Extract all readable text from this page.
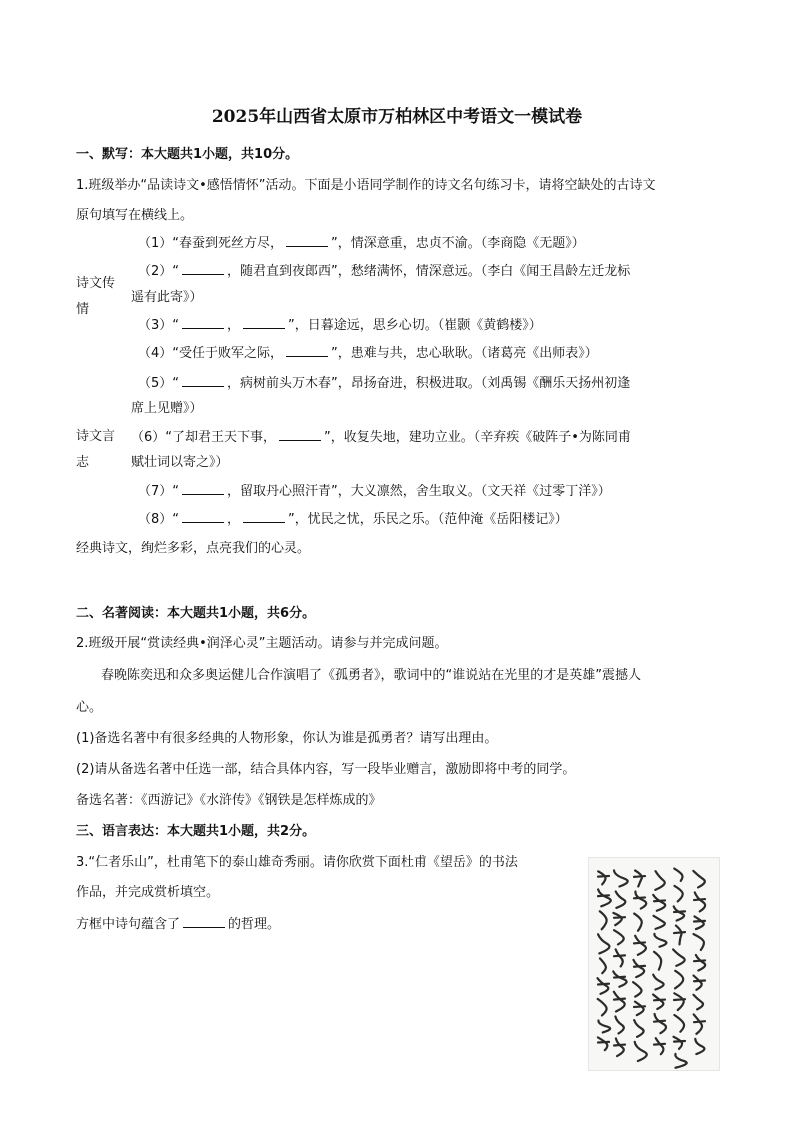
2025年山西省太原市万柏林区中考语文一模试卷
一、默写：本大题共1小题，共10分。
1.班级举办“品读诗文•感悟情怀”活动。下面是小语同学制作的诗文名句练习卡，请将空缺处的古诗文
原句填写在横线上。
诗文传
情
诗文言
志
（1）“春蚕到死丝方尽，	”，情深意重，忠贞不渝。（李商隐《无题》）
（2）“	，随君直到夜郎西”，愁绪满怀，情深意远。（李白《闻王昌龄左迁龙标
遥有此寄》）
（3）“	，	”，日暮途远，思乡心切。（崔颢《黄鹤楼》）
（4）“受任于败军之际，	”，患难与共，忠心耿耿。（诸葛亮《出师表》）
（5）“	，病树前头万木春”，昂扬奋进，积极进取。（刘禹锡《酬乐天扬州初逢
席上见赠》）
（6）“了却君王天下事，	”，收复失地，建功立业。（辛弃疾《破阵子•为陈同甫
赋壮词以寄之》）
（7）“	，留取丹心照汗青”，大义凛然，舍生取义。（文天祥《过零丁洋》）
（8）“	，	”，忧民之忧，乐民之乐。（范仲淹《岳阳楼记》）
经典诗文，绚烂多彩，点亮我们的心灵。
二、名著阅读：本大题共1小题，共6分。
2.班级开展“赏读经典•润泽心灵”主题活动。请参与并完成问题。
春晚陈奕迅和众多奥运健儿合作演唱了《孤勇者》，歌词中的“谁说站在光里的才是英雄”震撼人
心。
(1)备选名著中有很多经典的人物形象，你认为谁是孤勇者？请写出理由。
(2)请从备选名著中任选一部，结合具体内容，写一段毕业赠言，激励即将中考的同学。
备选名著：《西游记》《水浒传》《钢铁是怎样炼成的》
三、语言表达：本大题共1小题，共2分。
3.“仁者乐山”，杜甫笔下的泰山雄奇秀丽。请你欣赏下面杜甫《望岳》的书法
作品，并完成赏析填空。
方框中诗句蕴含了	的哲理。
